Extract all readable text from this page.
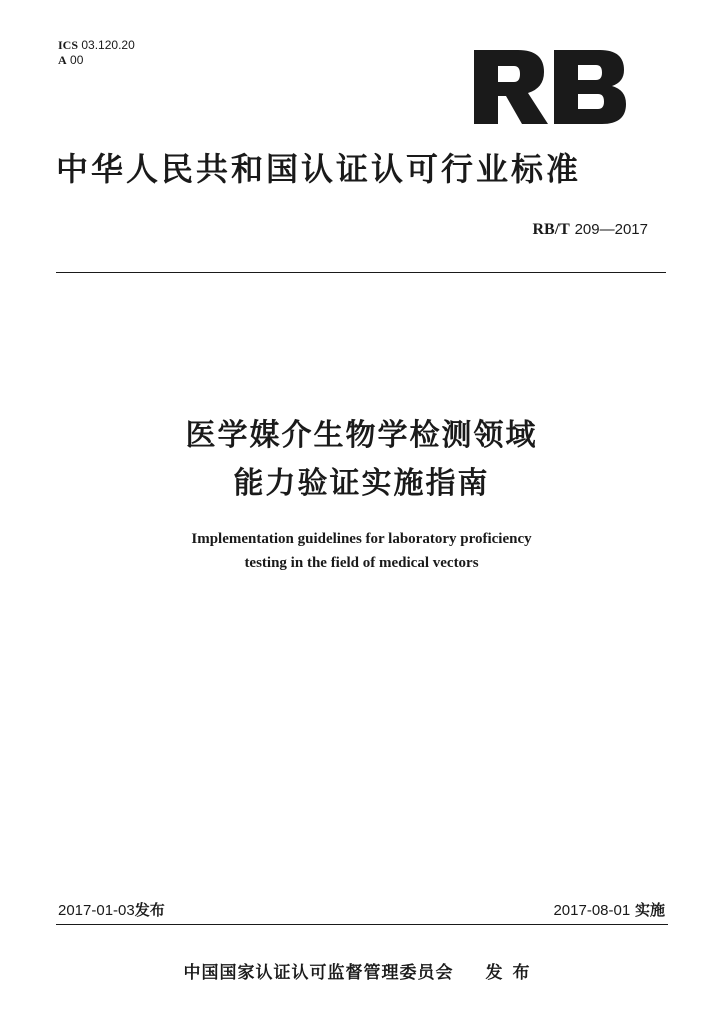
ICS 03.120.20
A 00
中华人民共和国认证认可行业标准
RB/T 209—2017
医学媒介生物学检测领域
能力验证实施指南
Implementation guidelines for laboratory proficiency
testing in the field of medical vectors
2017-01-03发布	2017-08-01 实施
中国国家认证认可监督管理委员会 发布
